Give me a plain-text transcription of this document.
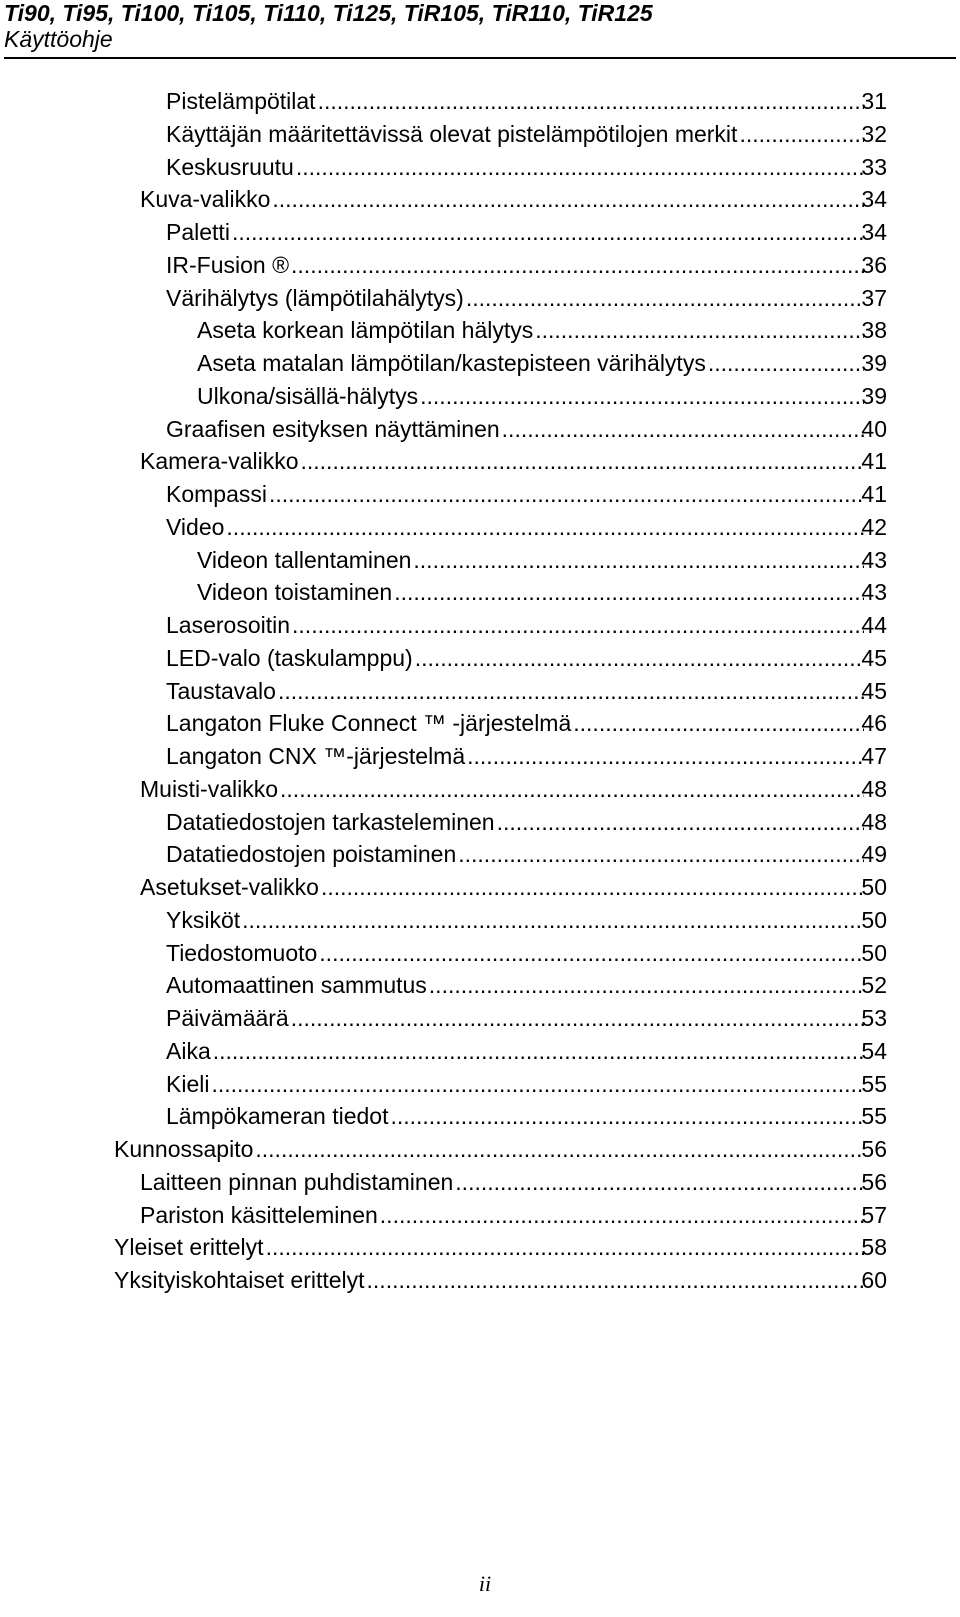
Ti90, Ti95, Ti100, Ti105, Ti110, Ti125, TiR105, TiR110, TiR125
Käyttöohje
Pistelämpötilat .....	31
Käyttäjän määritettävissä olevat pistelämpötilojen merkit .....	32
Keskusruutu .....	33
Kuva-valikko .....	34
Paletti .....	34
IR-Fusion ® .....	36
Värihälytys (lämpötilahälytys) .....	37
Aseta korkean lämpötilan hälytys .....	38
Aseta matalan lämpötilan/kastepisteen värihälytys .....	39
Ulkona/sisällä-hälytys .....	39
Graafisen esityksen näyttäminen .....	40
Kamera-valikko .....	41
Kompassi .....	41
Video .....	42
Videon tallentaminen .....	43
Videon toistaminen .....	43
Laserosoitin .....	44
LED-valo (taskulamppu) .....	45
Taustavalo .....	45
Langaton Fluke Connect ™ -järjestelmä .....	46
Langaton CNX ™-järjestelmä .....	47
Muisti-valikko .....	48
Datatiedostojen tarkasteleminen .....	48
Datatiedostojen poistaminen .....	49
Asetukset-valikko .....	50
Yksiköt .....	50
Tiedostomuoto .....	50
Automaattinen sammutus .....	52
Päivämäärä .....	53
Aika .....	54
Kieli .....	55
Lämpökameran tiedot .....	55
Kunnossapito .....	56
Laitteen pinnan puhdistaminen .....	56
Pariston käsitteleminen .....	57
Yleiset erittelyt .....	58
Yksityiskohtaiset erittelyt .....	60
ii
